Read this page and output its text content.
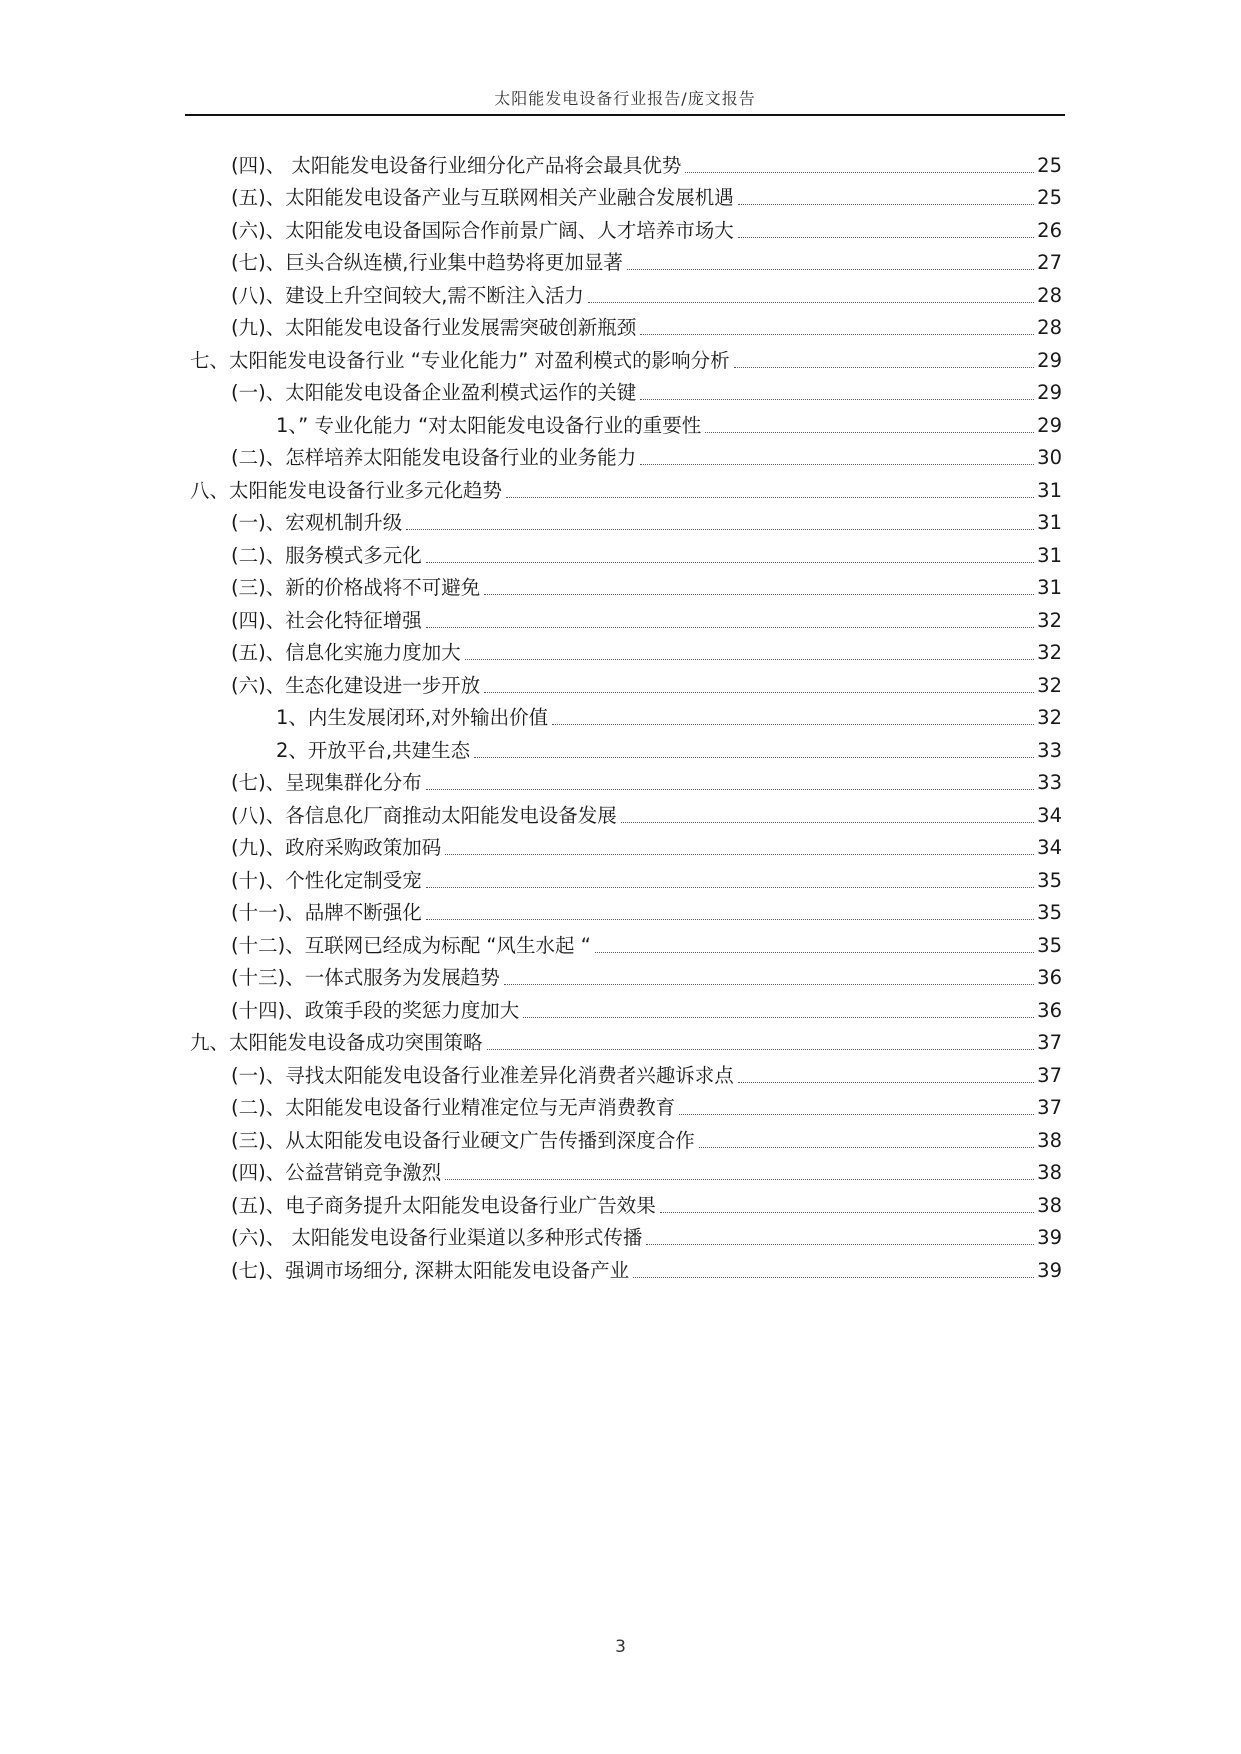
太阳能发电设备行业报告/庞文报告
(四)、 太阳能发电设备行业细分化产品将会最具优势	25
(五)、太阳能发电设备产业与互联网相关产业融合发展机遇	25
(六)、太阳能发电设备国际合作前景广阔、人才培养市场大	26
(七)、巨头合纵连横,行业集中趋势将更加显著	27
(八)、建设上升空间较大,需不断注入活力	28
(九)、太阳能发电设备行业发展需突破创新瓶颈	28
七、太阳能发电设备行业 “专业化能力” 对盈利模式的影响分析	29
(一)、太阳能发电设备企业盈利模式运作的关键	29
1、” 专业化能力 “对太阳能发电设备行业的重要性	29
(二)、怎样培养太阳能发电设备行业的业务能力	30
八、太阳能发电设备行业多元化趋势	31
(一)、宏观机制升级	31
(二)、服务模式多元化	31
(三)、新的价格战将不可避免	31
(四)、社会化特征增强	32
(五)、信息化实施力度加大	32
(六)、生态化建设进一步开放	32
1、内生发展闭环,对外输出价值	32
2、开放平台,共建生态	33
(七)、呈现集群化分布	33
(八)、各信息化厂商推动太阳能发电设备发展	34
(九)、政府采购政策加码	34
(十)、个性化定制受宠	35
(十一)、品牌不断强化	35
(十二)、互联网已经成为标配 “风生水起 “	35
(十三)、一体式服务为发展趋势	36
(十四)、政策手段的奖惩力度加大	36
九、太阳能发电设备成功突围策略	37
(一)、寻找太阳能发电设备行业准差异化消费者兴趣诉求点	37
(二)、太阳能发电设备行业精准定位与无声消费教育	37
(三)、从太阳能发电设备行业硬文广告传播到深度合作	38
(四)、公益营销竞争激烈	38
(五)、电子商务提升太阳能发电设备行业广告效果	38
(六)、 太阳能发电设备行业渠道以多种形式传播	39
(七)、强调市场细分, 深耕太阳能发电设备产业	39
3
